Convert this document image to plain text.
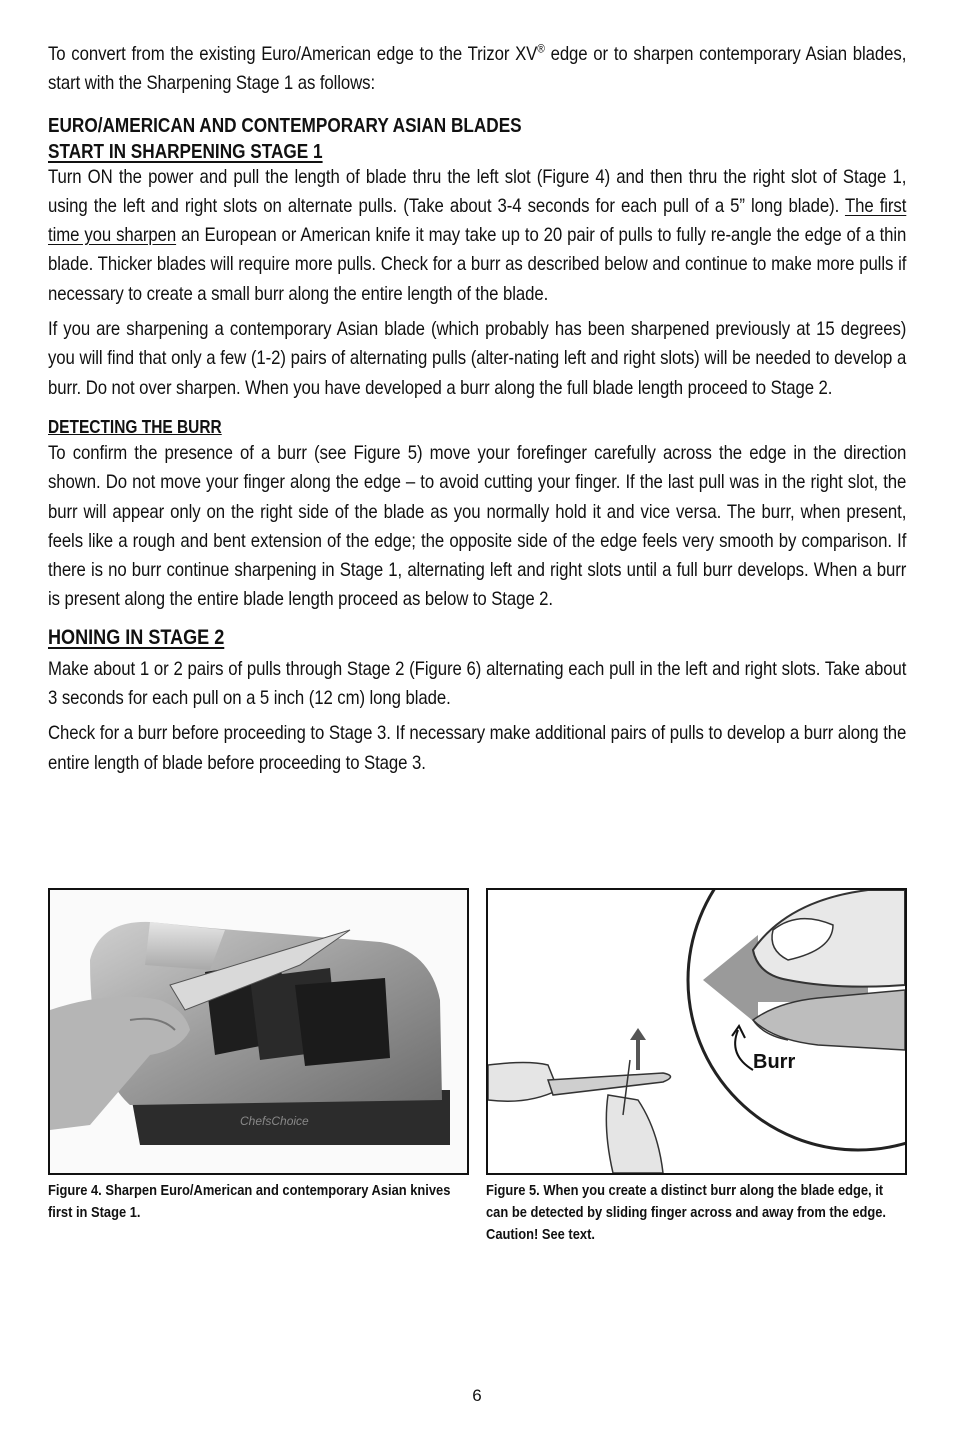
To convert from the existing Euro/American edge to the Trizor XV® edge or to sharpen contemporary Asian blades, start with the Sharpening Stage 1 as follows:

EURO/AMERICAN AND CONTEMPORARY ASIAN BLADES

START IN SHARPENING STAGE 1

Turn ON the power and pull the length of blade thru the left slot (Figure 4) and then thru the right slot of Stage 1, using the left and right slots on alternate pulls. (Take about 3-4 seconds for each pull of a 5” long blade). The first time you sharpen an European or American knife it may take up to 20 pair of pulls to fully re-angle the edge of a thin blade. Thicker blades will require more pulls. Check for a burr as described below and continue to make more pulls if necessary to create a small burr along the entire length of the blade.

If you are sharpening a contemporary Asian blade (which probably has been sharpened previously at 15 degrees) you will find that only a few (1-2) pairs of alternating pulls (alter-nating left and right slots) will be needed to develop a burr. Do not over sharpen. When you have developed a burr along the full blade length proceed to Stage 2.

DETECTING THE BURR

To confirm the presence of a burr (see Figure 5) move your forefinger carefully across the edge in the direction shown. Do not move your finger along the edge – to avoid cutting your finger. If the last pull was in the right slot, the burr will appear only on the right side of the blade as you normally hold it and vice versa. The burr, when present, feels like a rough and bent extension of the edge; the opposite side of the edge feels very smooth by comparison. If there is no burr continue sharpening in Stage 1, alternating left and right slots until a full burr develops. When a burr is present along the entire blade length proceed as below to Stage 2.

HONING IN STAGE 2

Make about 1 or 2 pairs of pulls through Stage 2 (Figure 6) alternating each pull in the left and right slots. Take about 3 seconds for each pull on a 5 inch (12 cm) long blade.

Check for a burr before proceeding to Stage 3. If necessary make additional pairs of pulls to develop a burr along the entire length of blade before proceeding to Stage 3.

ChefsChoice
Burr

Figure 4. Sharpen Euro/American and contemporary Asian knives first in Stage 1.

Figure 5. When you create a distinct burr along the blade edge, it can be detected by sliding finger across and away from the edge. Caution! See text.

6
